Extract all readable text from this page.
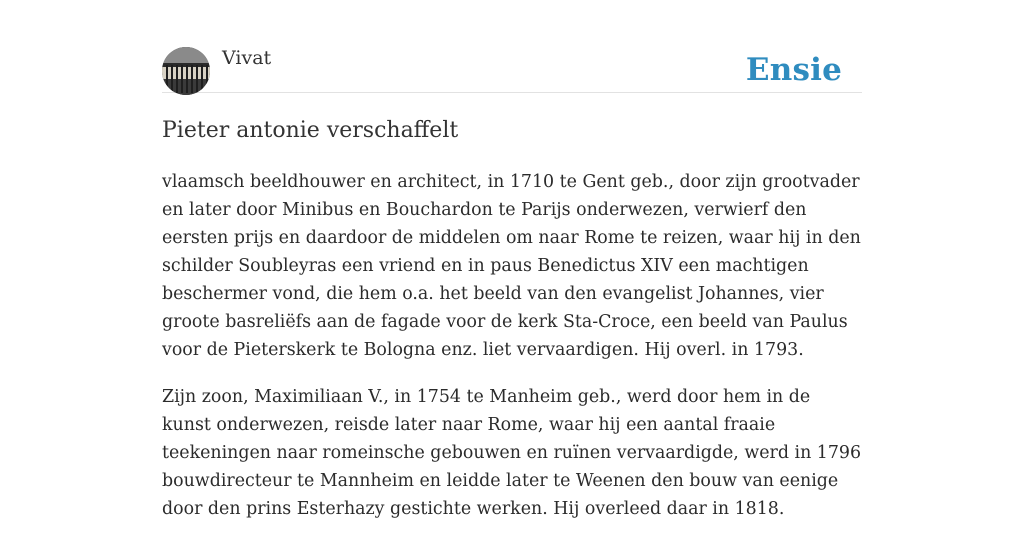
Vivat	Ensie
Pieter antonie verschaffelt

vlaamsch beeldhouwer en architect, in 1710 te Gent geb., door zijn grootvader en later door Minibus en Bouchardon te Parijs onderwezen, verwierf den eersten prijs en daardoor de middelen om naar Rome te reizen, waar hij in den schilder Soubleyras een vriend en in paus Benedictus XIV een machtigen beschermer vond, die hem o.a. het beeld van den evangelist Johannes, vier groote basreliëfs aan de fagade voor de kerk Sta-Croce, een beeld van Paulus voor de Pieterskerk te Bologna enz. liet vervaardigen. Hij overl. in 1793.

Zijn zoon, Maximiliaan V., in 1754 te Manheim geb., werd door hem in de kunst onderwezen, reisde later naar Rome, waar hij een aantal fraaie teekeningen naar romeinsche gebouwen en ruïnen vervaardigde, werd in 1796 bouwdirecteur te Mannheim en leidde later te Weenen den bouw van eenige door den prins Esterhazy gestichte werken. Hij overleed daar in 1818.
